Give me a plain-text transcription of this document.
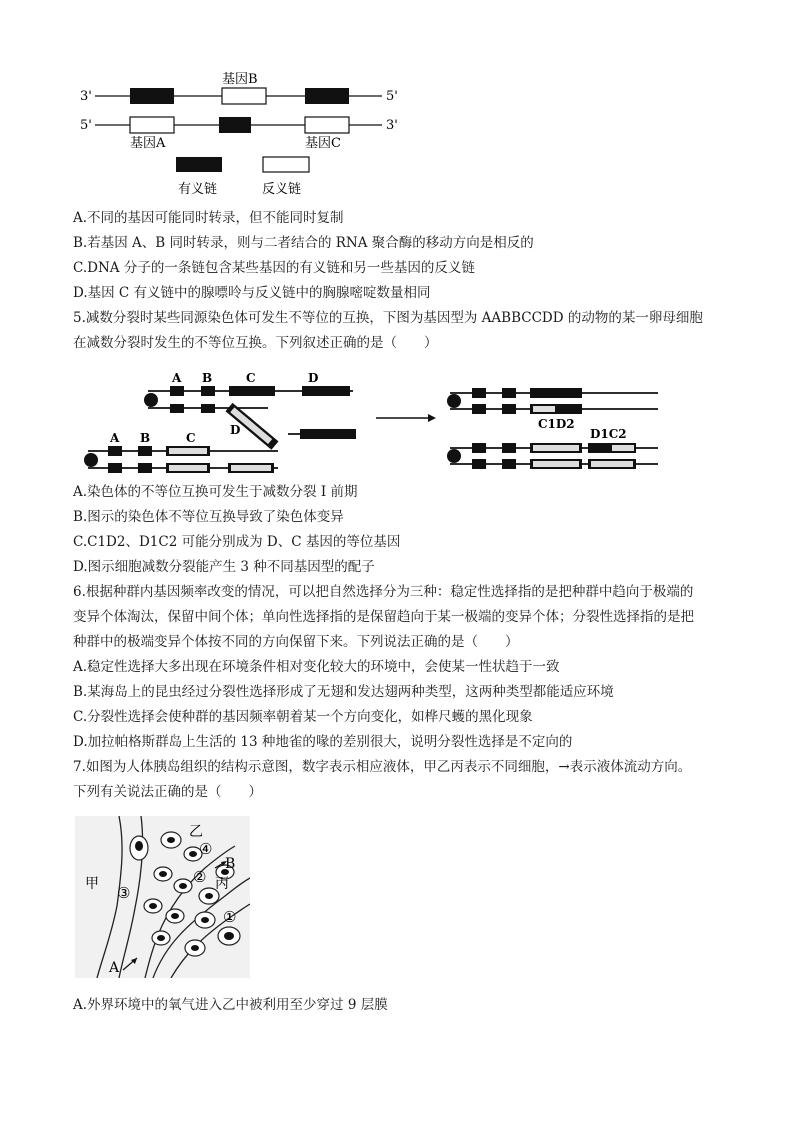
3'	5'
基因B
5'	3'
基因A	基因C
有义链	反义链
A.不同的基因可能同时转录，但不能同时复制
B.若基因 A、B 同时转录，则与二者结合的 RNA 聚合酶的移动方向是相反的
C.DNA 分子的一条链包含某些基因的有义链和另一些基因的反义链
D.基因 C 有义链中的腺嘌呤与反义链中的胸腺嘧啶数量相同
5.减数分裂时某些同源染色体可发生不等位的互换，下图为基因型为 AABBCCDD 的动物的某一卵母细胞
在减数分裂时发生的不等位互换。下列叙述正确的是（　　）
A B	C	D
D
A B	C
C1D2
D1C2
A.染色体的不等位互换可发生于减数分裂 I 前期
B.图示的染色体不等位互换导致了染色体变异
C.C1D2、D1C2 可能分别成为 D、C 基因的等位基因
D.图示细胞减数分裂能产生 3 种不同基因型的配子
6.根据种群内基因频率改变的情况，可以把自然选择分为三种：稳定性选择指的是把种群中趋向于极端的
变异个体淘汰，保留中间个体；单向性选择指的是保留趋向于某一极端的变异个体；分裂性选择指的是把
种群中的极端变异个体按不同的方向保留下来。下列说法正确的是（　　）
A.稳定性选择大多出现在环境条件相对变化较大的环境中，会使某一性状趋于一致
B.某海岛上的昆虫经过分裂性选择形成了无翅和发达翅两种类型，这两种类型都能适应环境
C.分裂性选择会使种群的基因频率朝着某一个方向变化，如桦尺蠖的黑化现象
D.加拉帕格斯群岛上生活的 13 种地雀的喙的差别很大，说明分裂性选择是不定向的
7.如图为人体胰岛组织的结构示意图，数字表示相应液体，甲乙丙表示不同细胞，→表示液体流动方向。
下列有关说法正确的是（　　）
甲
乙
④
B
② 丙
③
①
A
A.外界环境中的氧气进入乙中被利用至少穿过 9 层膜
